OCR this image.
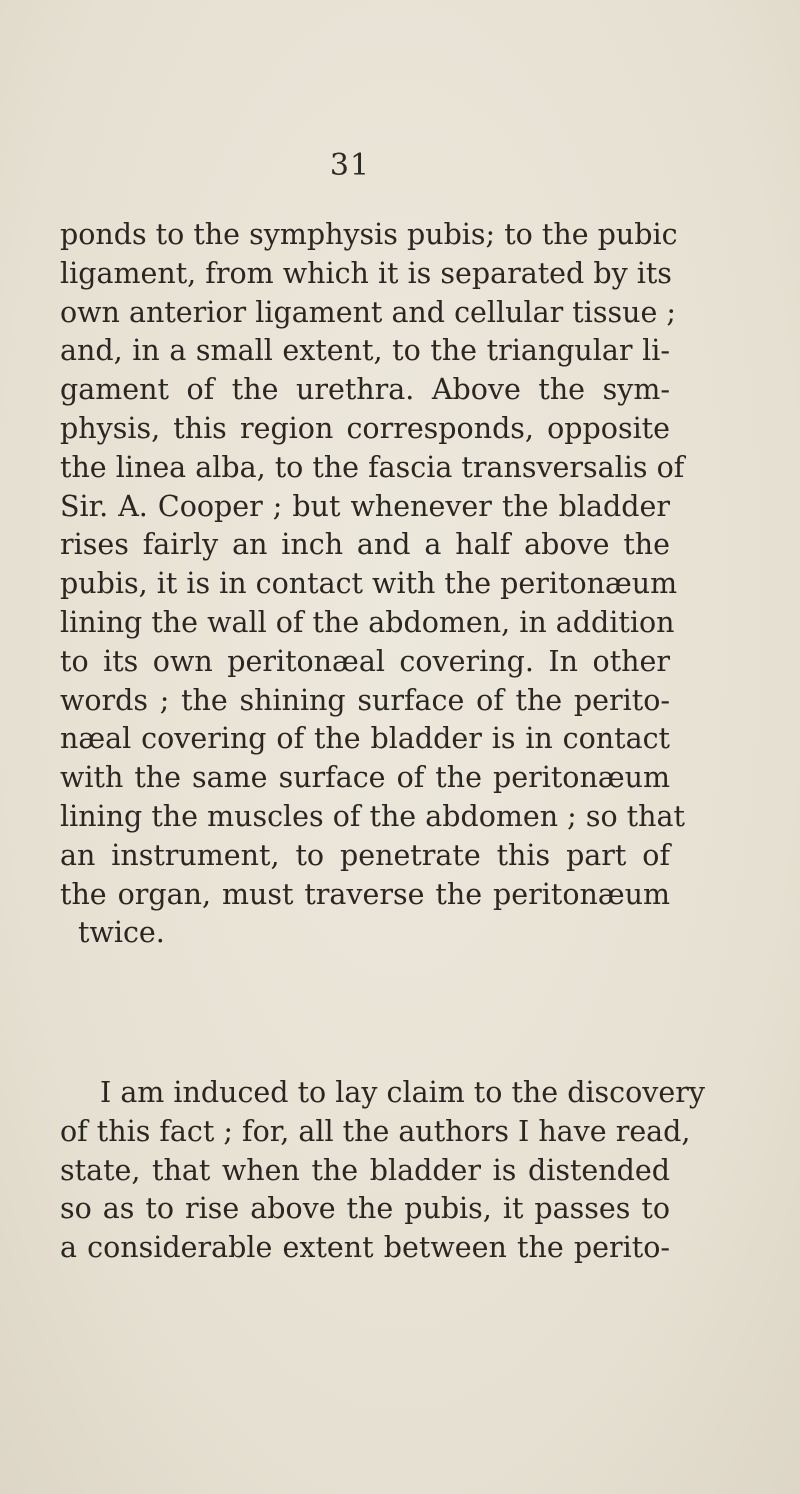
31
ponds to the symphysis pubis; to the pubic
ligament, from which it is separated by its
own anterior ligament and cellular tissue ;
and, in a small extent, to the triangular li-
gament of the urethra. Above the sym-
physis, this region corresponds, opposite
the linea alba, to the fascia transversalis of
Sir. A. Cooper ; but whenever the bladder
rises fairly an inch and a half above the
pubis, it is in contact with the peritonæum
lining the wall of the abdomen, in addition
to its own peritonæal covering. In other
words ; the shining surface of the perito-
næal covering of the bladder is in contact
with the same surface of the peritonæum
lining the muscles of the abdomen ; so that
an instrument, to penetrate this part of
the organ, must traverse the peritonæum
twice.
I am induced to lay claim to the discovery
of this fact ; for, all the authors I have read,
state, that when the bladder is distended
so as to rise above the pubis, it passes to
a considerable extent between the perito-
